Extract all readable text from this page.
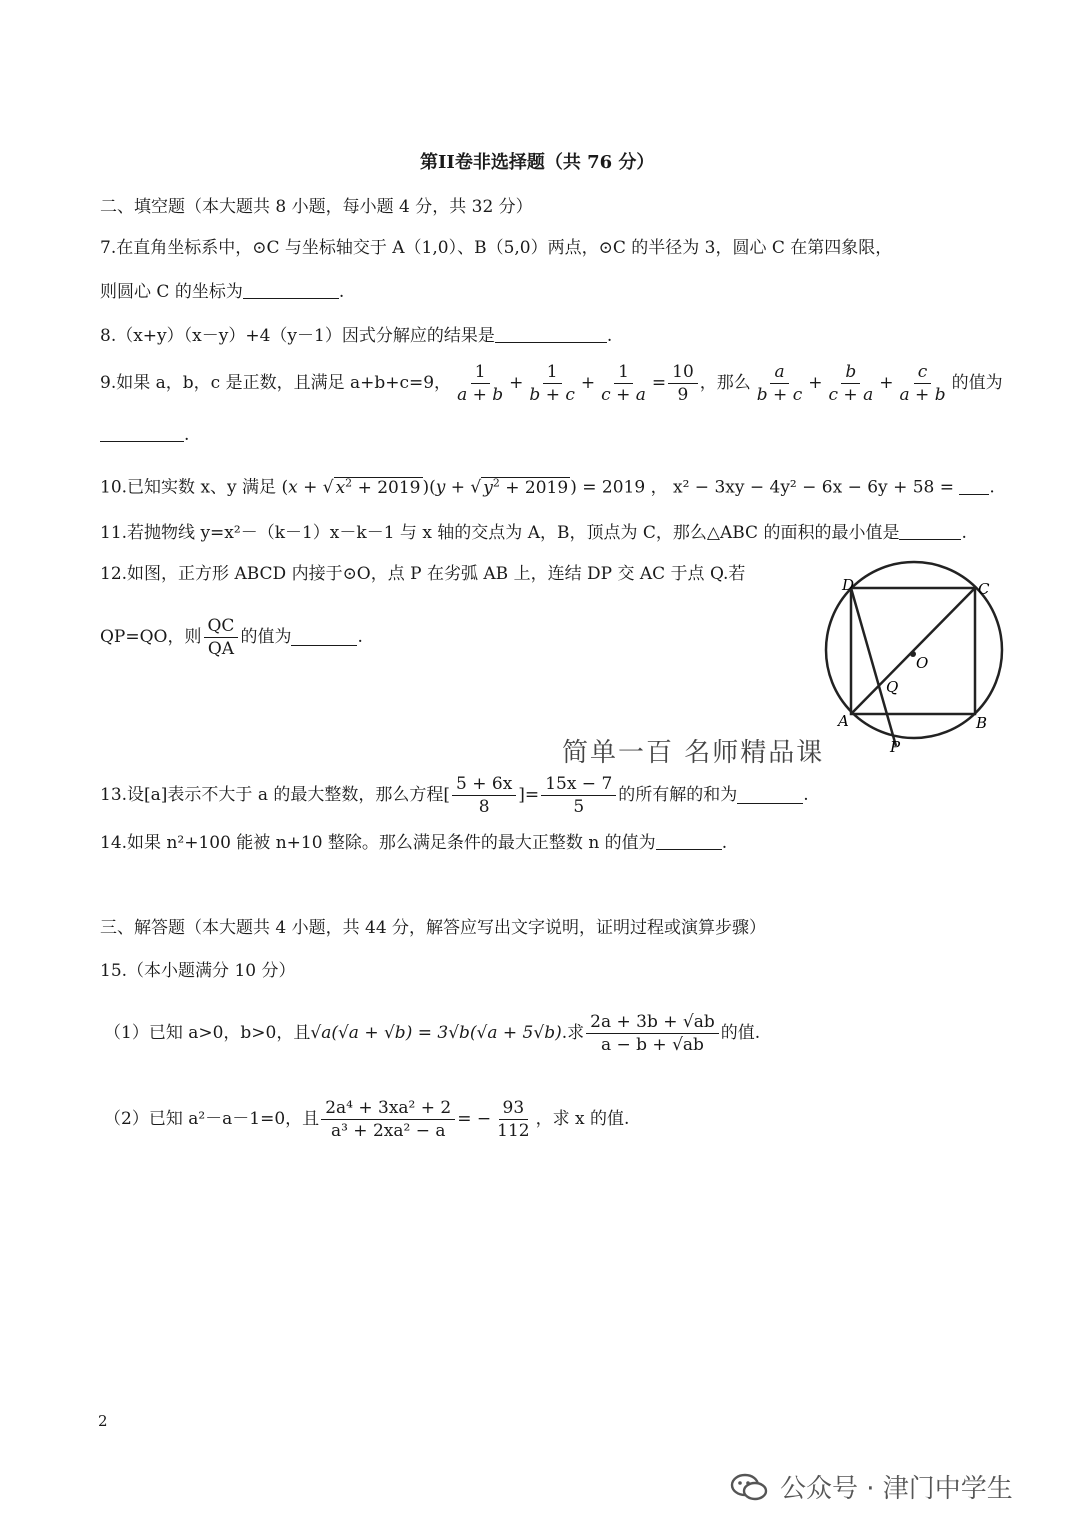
第II卷非选择题（共 76 分）
二、填空题（本大题共 8 小题，每小题 4 分，共 32 分）
7.在直角坐标系中，⊙C 与坐标轴交于 A（1,0）、B（5,0）两点，⊙C 的半径为 3，圆心 C 在第四象限，
则圆心 C 的坐标为	.
8.（x+y）（x－y）+4（y－1）因式分解应的结果是	.
9.如果 a，b，c 是正数，且满足 a+b+c=9， $\frac{1}{a + b} + \frac{1}{b + c} + \frac{1}{c + a} = \frac{10}{9}$ ，那么 $\frac{a}{b + c} + \frac{b}{c + a} + \frac{c}{a + b}$ 的值为
.
10.已知实数 x、y 满足 (x + √ $x^2 + 2019$ )(y + √ $y^2 + 2019$ ) = 2019 ， x² − 3xy − 4y² − 6x − 6y + 58 = .
11.若抛物线 y=x²－（k－1）x－k－1 与 x 轴的交点为 A，B，顶点为 C，那么△ABC 的面积的最小值是	.
12.如图，正方形 ABCD 内接于⊙O，点 P 在劣弧 AB 上，连结 DP 交 AC 于点 Q.若
QP=QO，则 $\frac{QC}{QA}$ 的值为	.
D	C
A	B
O
Q
P
简单一百 名师精品课
13.设[a]表示不大于 a 的最大整数，那么方程[ $\frac{5 + 6x}{8}$ ]= $\frac{15x - 7}{5}$ 的所有解的和为	.
14.如果 n²+100 能被 n+10 整除。那么满足条件的最大正整数 n 的值为	.
三、解答题（本大题共 4 小题，共 44 分，解答应写出文字说明，证明过程或演算步骤）
15.（本小题满分 10 分）
（1）已知 a>0，b>0，且 √a(√a + √b) = 3√b(√a + 5√b) .求 $\frac{2a + 3b + √ab}{a - b + √ab}$ 的值.
（2）已知 a²－a－1=0，且 $\frac{\text{2a⁴ + 3xa² + 2}}{\text{a³ + 2xa² − a}}$ = − $\frac{93}{112}$ ，求 x 的值.
2
公众号 · 津门中学生
